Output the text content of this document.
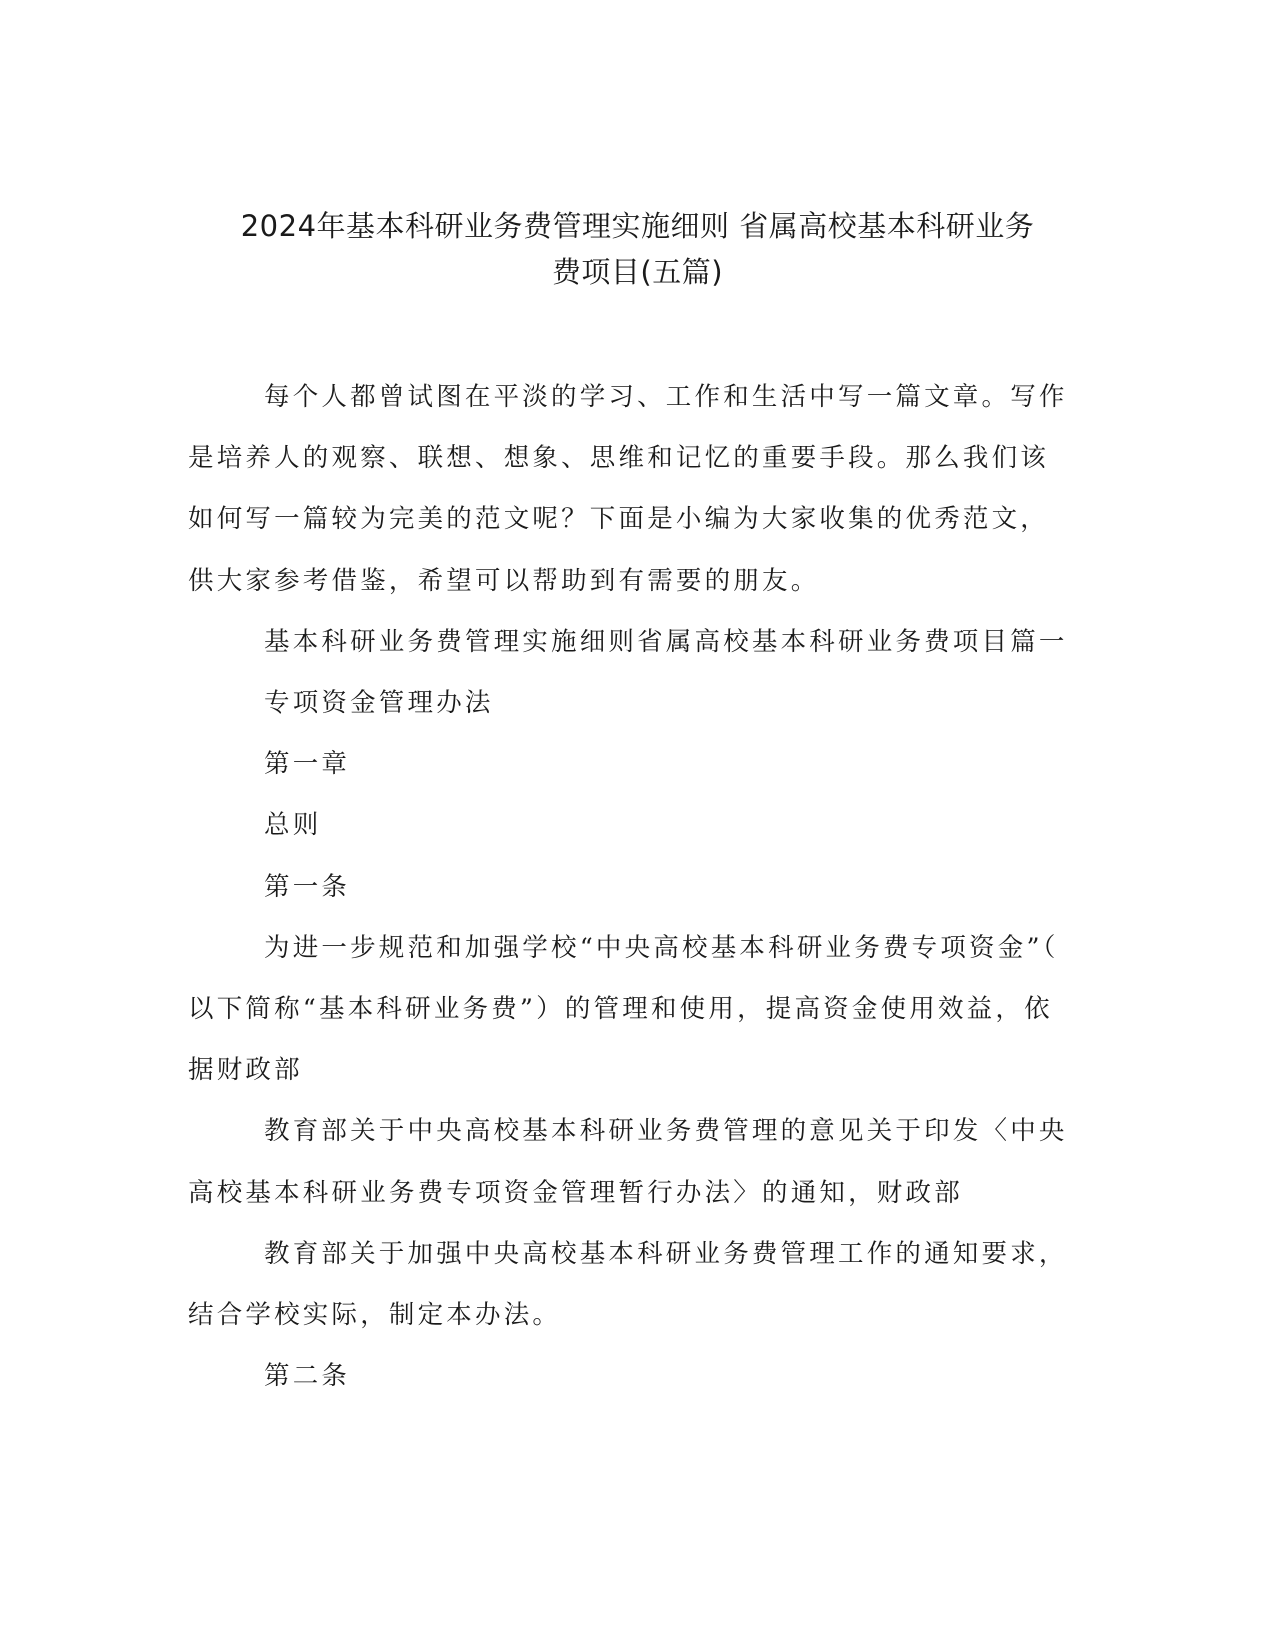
2024年基本科研业务费管理实施细则 省属高校基本科研业务
费项目(五篇)

每个人都曾试图在平淡的学习、工作和生活中写一篇文章。写作
是培养人的观察、联想、想象、思维和记忆的重要手段。那么我们该
如何写一篇较为完美的范文呢？下面是小编为大家收集的优秀范文，
供大家参考借鉴，希望可以帮助到有需要的朋友。

基本科研业务费管理实施细则省属高校基本科研业务费项目篇一

专项资金管理办法

第一章

总则

第一条

为进一步规范和加强学校“中央高校基本科研业务费专项资金”（
以下简称“基本科研业务费”）的管理和使用，提高资金使用效益，依
据财政部

教育部关于中央高校基本科研业务费管理的意见关于印发〈中央
高校基本科研业务费专项资金管理暂行办法〉的通知，财政部

教育部关于加强中央高校基本科研业务费管理工作的通知要求，
结合学校实际，制定本办法。

第二条
